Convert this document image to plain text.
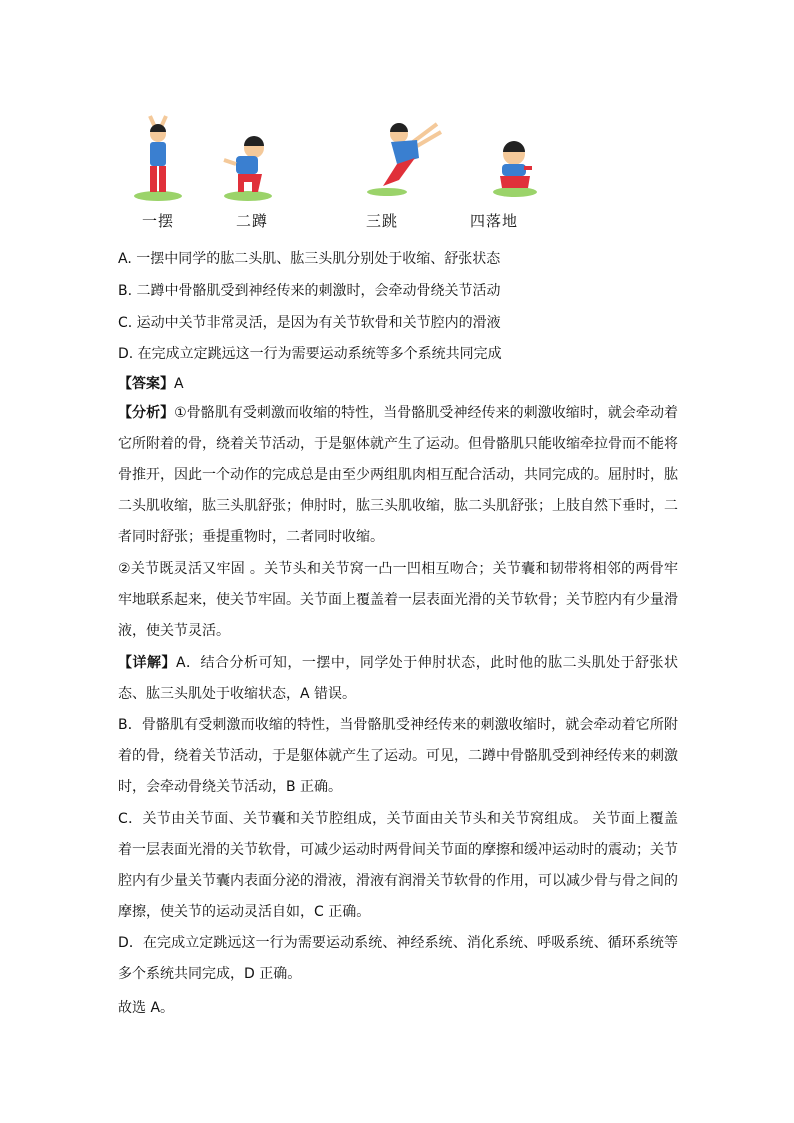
一摆	二蹲	三跳	四落地
A. 一摆中同学的肱二头肌、肱三头肌分别处于收缩、舒张状态
B. 二蹲中骨骼肌受到神经传来的刺激时，会牵动骨绕关节活动
C. 运动中关节非常灵活，是因为有关节软骨和关节腔内的滑液
D. 在完成立定跳远这一行为需要运动系统等多个系统共同完成
【答案】A
【分析】①骨骼肌有受刺激而收缩的特性，当骨骼肌受神经传来的刺激收缩时，就会牵动着它所附着的骨，绕着关节活动，于是躯体就产生了运动。但骨骼肌只能收缩牵拉骨而不能将骨推开，因此一个动作的完成总是由至少两组肌肉相互配合活动，共同完成的。屈肘时，肱二头肌收缩，肱三头肌舒张；伸肘时，肱三头肌收缩，肱二头肌舒张；上肢自然下垂时，二者同时舒张；垂提重物时，二者同时收缩。
②关节既灵活又牢固 。关节头和关节窝一凸一凹相互吻合；关节囊和韧带将相邻的两骨牢牢地联系起来，使关节牢固。关节面上覆盖着一层表面光滑的关节软骨；关节腔内有少量滑液，使关节灵活。
【详解】A．结合分析可知，一摆中，同学处于伸肘状态，此时他的肱二头肌处于舒张状态、肱三头肌处于收缩状态，A 错误。
B．骨骼肌有受刺激而收缩的特性，当骨骼肌受神经传来的刺激收缩时，就会牵动着它所附着的骨，绕着关节活动，于是躯体就产生了运动。可见，二蹲中骨骼肌受到神经传来的刺激时，会牵动骨绕关节活动，B 正确。
C．关节由关节面、关节囊和关节腔组成，关节面由关节头和关节窝组成。 关节面上覆盖着一层表面光滑的关节软骨，可减少运动时两骨间关节面的摩擦和缓冲运动时的震动；关节腔内有少量关节囊内表面分泌的滑液，滑液有润滑关节软骨的作用，可以减少骨与骨之间的摩擦，使关节的运动灵活自如，C 正确。
D．在完成立定跳远这一行为需要运动系统、神经系统、消化系统、呼吸系统、循环系统等多个系统共同完成，D 正确。
故选 A。
